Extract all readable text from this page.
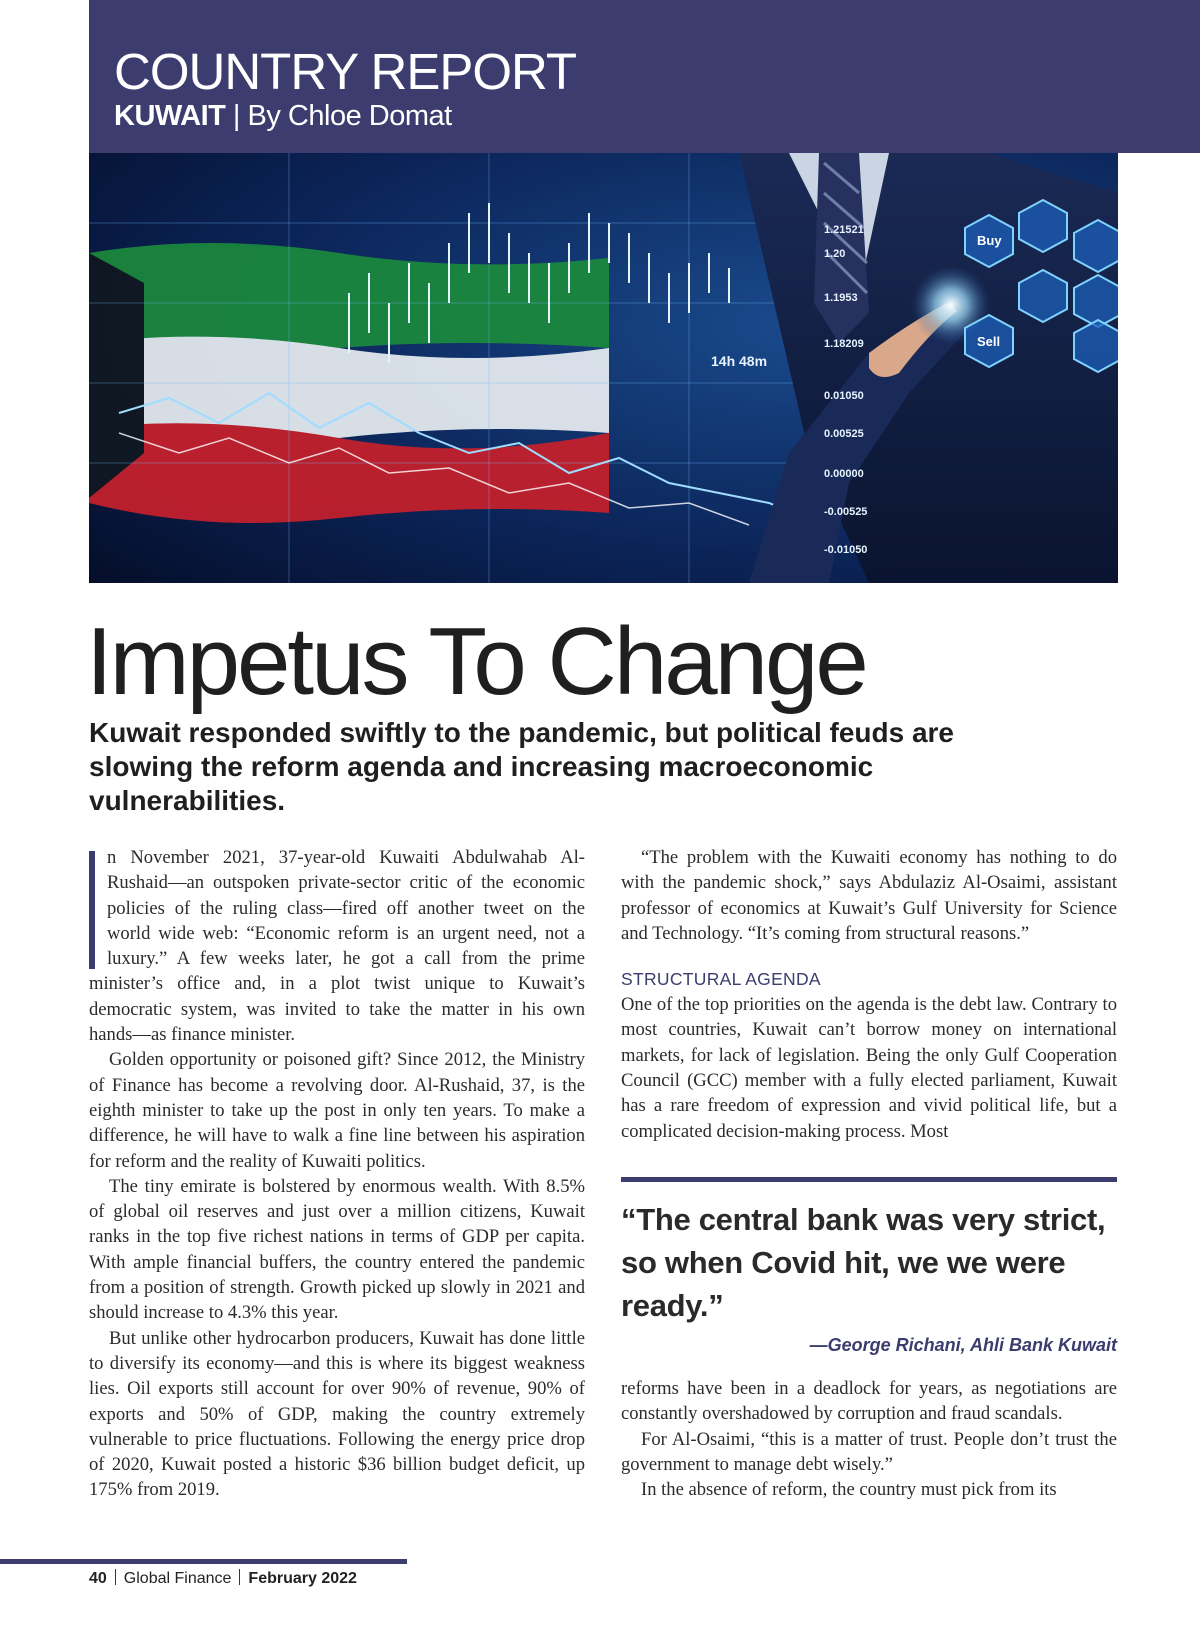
COUNTRY REPORT
KUWAIT | By Chloe Domat
Buy
Sell
14h 48m
1.21521
1.20
1.1953
1.18209
0.01050
0.00525
0.00000
-0.00525
-0.01050
Impetus To Change
Kuwait responded swiftly to the pandemic, but political feuds are slowing the reform agenda and increasing macroeconomic vulnerabilities.

n November 2021, 37-year-old Kuwaiti Abdulwahab Al-Rushaid—an outspoken private-sector critic of the economic policies of the ruling class—fired off another tweet on the world wide web: “Economic reform is an urgent need, not a luxury.” A few weeks later, he got a call from the prime minister’s office and, in a plot twist unique to Kuwait’s democratic system, was invited to take the matter in his own hands—as finance minister.

Golden opportunity or poisoned gift? Since 2012, the Ministry of Finance has become a revolving door. Al-Rushaid, 37, is the eighth minister to take up the post in only ten years. To make a difference, he will have to walk a fine line between his aspiration for reform and the reality of Kuwaiti politics.

The tiny emirate is bolstered by enormous wealth. With 8.5% of global oil reserves and just over a million citizens, Kuwait ranks in the top five richest nations in terms of GDP per capita. With ample financial buffers, the country entered the pandemic from a position of strength. Growth picked up slowly in 2021 and should increase to 4.3% this year.

But unlike other hydrocarbon producers, Kuwait has done little to diversify its economy—and this is where its biggest weakness lies. Oil exports still account for over 90% of revenue, 90% of exports and 50% of GDP, making the country extremely vulnerable to price fluctuations. Following the energy price drop of 2020, Kuwait posted a historic $36 billion budget deficit, up 175% from 2019.

“The problem with the Kuwaiti economy has nothing to do with the pandemic shock,” says Abdulaziz Al-Osaimi, assistant professor of economics at Kuwait’s Gulf University for Science and Technology. “It’s coming from structural reasons.”

STRUCTURAL AGENDA

One of the top priorities on the agenda is the debt law. Contrary to most countries, Kuwait can’t borrow money on international markets, for lack of legislation. Being the only Gulf Cooperation Council (GCC) member with a fully elected parliament, Kuwait has a rare freedom of expression and vivid political life, but a complicated decision-making process. Most

“The central bank was very strict, so when Covid hit, we we were ready.”
—George Richani, Ahli Bank Kuwait

reforms have been in a deadlock for years, as negotiations are constantly overshadowed by corruption and fraud scandals.

For Al-Osaimi, “this is a matter of trust. People don’t trust the government to manage debt wisely.”

In the absence of reform, the country must pick from its

40 Global Finance February 2022
